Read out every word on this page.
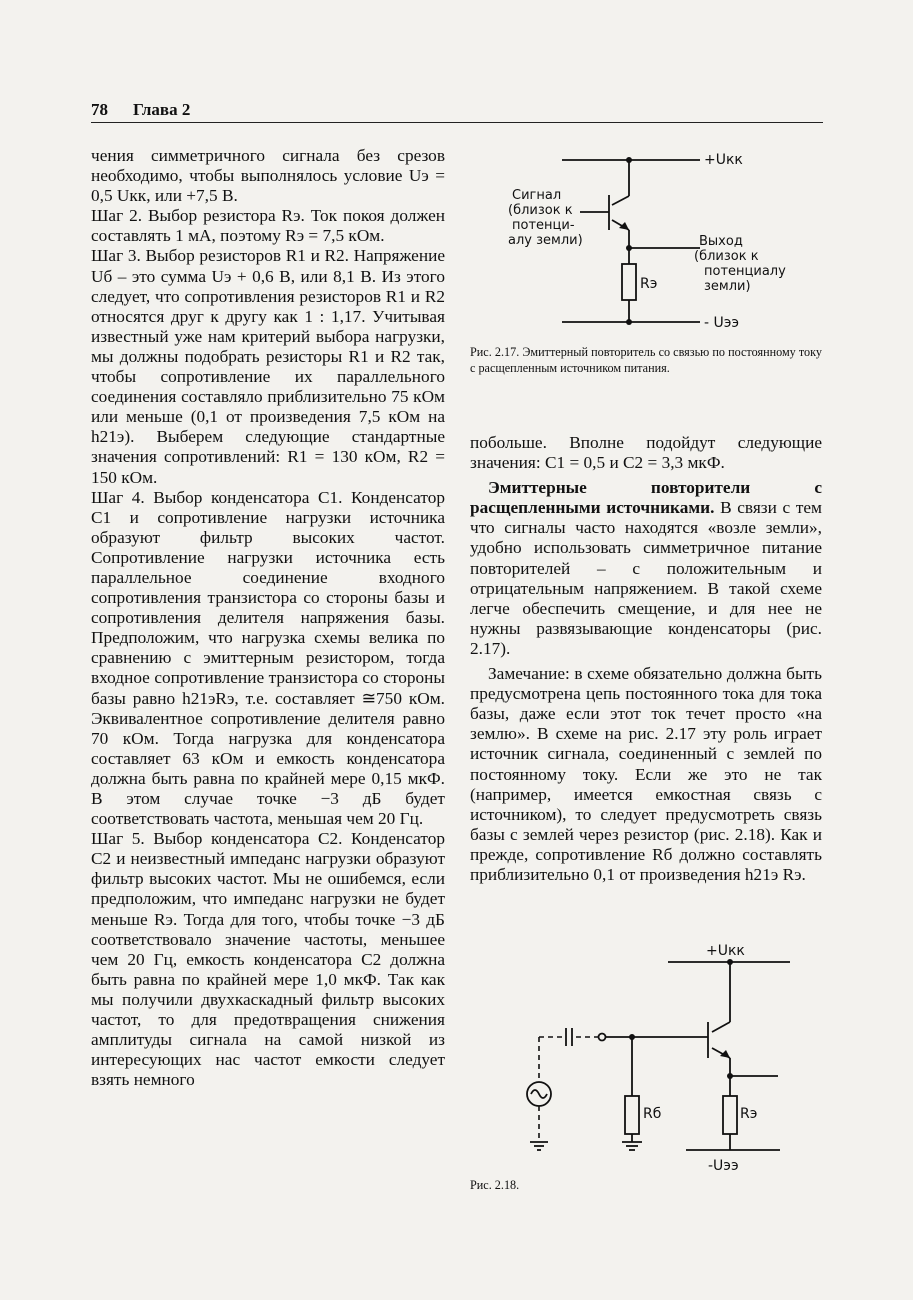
78 Глава 2

чения симметричного сигнала без срезов необходимо, чтобы выполнялось условие Uэ = 0,5 Uкк, или +7,5 В.

Шаг 2. Выбор резистора Rэ. Ток покоя должен составлять 1 мА, поэтому Rэ = 7,5 кОм.

Шаг 3. Выбор резисторов R1 и R2. Напряжение Uб – это сумма Uэ + 0,6 В, или 8,1 В. Из этого следует, что сопротивления резисторов R1 и R2 относятся друг к другу как 1 : 1,17. Учитывая известный уже нам критерий выбора нагрузки, мы должны подобрать резисторы R1 и R2 так, чтобы сопротивление их параллельного соединения составляло приблизительно 75 кОм или меньше (0,1 от произведения 7,5 кОм на h21э). Выберем следующие стандартные значения сопротивлений: R1 = 130 кОм, R2 = 150 кОм.

Шаг 4. Выбор конденсатора C1. Конденсатор C1 и сопротивление нагрузки источника образуют фильтр высоких частот. Сопротивление нагрузки источника есть параллельное соединение входного сопротивления транзистора со стороны базы и сопротивления делителя напряжения базы. Предположим, что нагрузка схемы велика по сравнению с эмиттерным резистором, тогда входное сопротивление транзистора со стороны базы равно h21эRэ, т.е. составляет ≅750 кОм. Эквивалентное сопротивление делителя равно 70 кОм. Тогда нагрузка для конденсатора составляет 63 кОм и емкость конденсатора должна быть равна по крайней мере 0,15 мкФ. В этом случае точке −3 дБ будет соответствовать частота, меньшая чем 20 Гц.

Шаг 5. Выбор конденсатора C2. Конденсатор C2 и неизвестный импеданс нагрузки образуют фильтр высоких частот. Мы не ошибемся, если предположим, что импеданс нагрузки не будет меньше Rэ. Тогда для того, чтобы точке −3 дБ соответствовало значение частоты, меньшее чем 20 Гц, емкость конденсатора C2 должна быть равна по крайней мере 1,0 мкФ. Так как мы получили двухкаскадный фильтр высоких частот, то для предотвращения снижения амплитуды сигнала на самой низкой из интересующих нас частот емкости следует взять немного

побольше. Вполне подойдут следующие значения: C1 = 0,5 и C2 = 3,3 мкФ.

Эмиттерные повторители с расщепленными источниками. В связи с тем что сигналы часто находятся «возле земли», удобно использовать симметричное питание повторителей – с положительным и отрицательным напряжением. В такой схеме легче обеспечить смещение, и для нее не нужны развязывающие конденсаторы (рис. 2.17).

Замечание: в схеме обязательно должна быть предусмотрена цепь постоянного тока для тока базы, даже если этот ток течет просто «на землю». В схеме на рис. 2.17 эту роль играет источник сигнала, соединенный с землей по постоянному току. Если же это не так (например, имеется емкостная связь с источником), то следует предусмотреть связь базы с землей через резистор (рис. 2.18). Как и прежде, сопротивление Rб должно составлять приблизительно 0,1 от произведения h21э Rэ.

+Uкк
- Uээ
Rэ
Сигнал
(близок к
потенци-
алу земли)	Выход
(близок к
потенциалу
земли)
Рис. 2.17. Эмиттерный повторитель со связью по постоянному току с расщепленным источником питания.
+Uкк
-Uээ
Rб	Rэ
Рис. 2.18.
